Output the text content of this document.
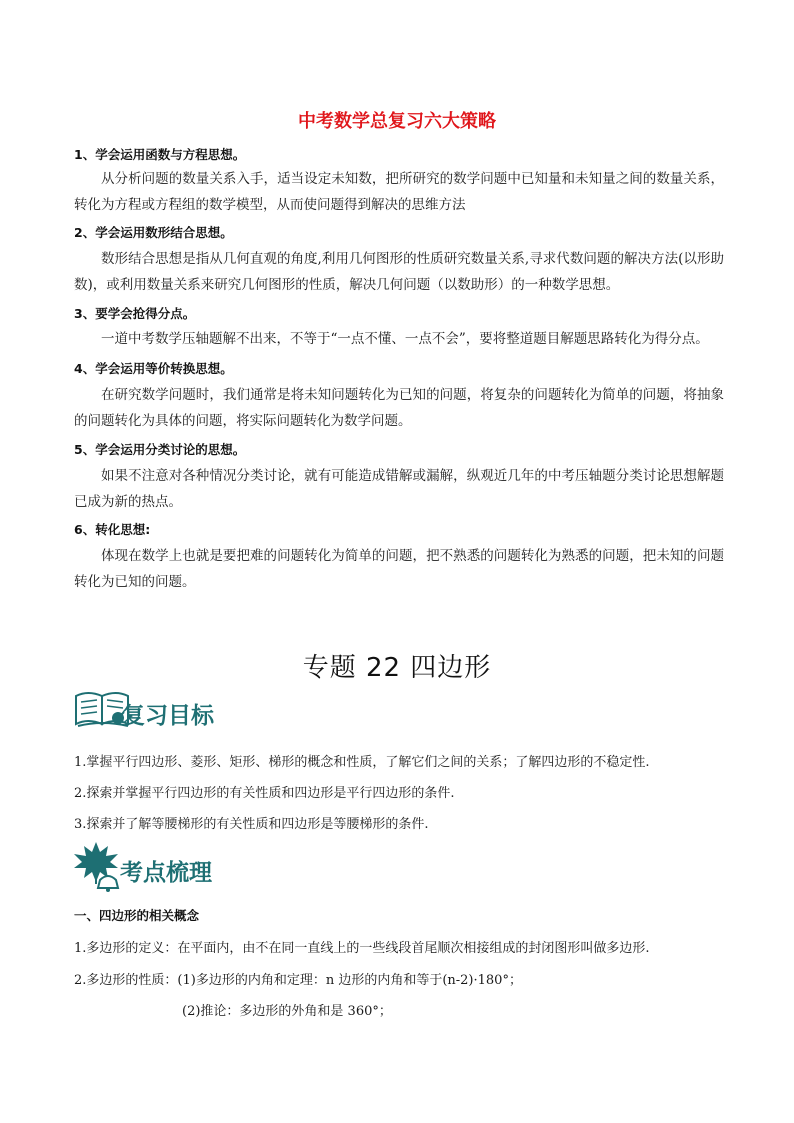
中考数学总复习六大策略
1、学会运用函数与方程思想。
从分析问题的数量关系入手，适当设定未知数，把所研究的数学问题中已知量和未知量之间的数量关系，转化为方程或方程组的数学模型，从而使问题得到解决的思维方法
2、学会运用数形结合思想。
数形结合思想是指从几何直观的角度,利用几何图形的性质研究数量关系,寻求代数问题的解决方法(以形助数)，或利用数量关系来研究几何图形的性质，解决几何问题（以数助形）的一种数学思想。
3、要学会抢得分点。
一道中考数学压轴题解不出来，不等于“一点不懂、一点不会”，要将整道题目解题思路转化为得分点。
4、学会运用等价转换思想。
在研究数学问题时，我们通常是将未知问题转化为已知的问题，将复杂的问题转化为简单的问题，将抽象的问题转化为具体的问题，将实际问题转化为数学问题。
5、学会运用分类讨论的思想。
如果不注意对各种情况分类讨论，就有可能造成错解或漏解，纵观近几年的中考压轴题分类讨论思想解题已成为新的热点。
6、转化思想:
体现在数学上也就是要把难的问题转化为简单的问题，把不熟悉的问题转化为熟悉的问题，把未知的问题转化为已知的问题。
专题 22 四边形
复习目标
1.掌握平行四边形、菱形、矩形、梯形的概念和性质，了解它们之间的关系；了解四边形的不稳定性.
2.探索并掌握平行四边形的有关性质和四边形是平行四边形的条件.
3.探索并了解等腰梯形的有关性质和四边形是等腰梯形的条件.
考点梳理
一、四边形的相关概念
1.多边形的定义：在平面内，由不在同一直线上的一些线段首尾顺次相接组成的封闭图形叫做多边形.
2.多边形的性质：(1)多边形的内角和定理：n 边形的内角和等于(n-2)·180°；
(2)推论：多边形的外角和是 360°；
